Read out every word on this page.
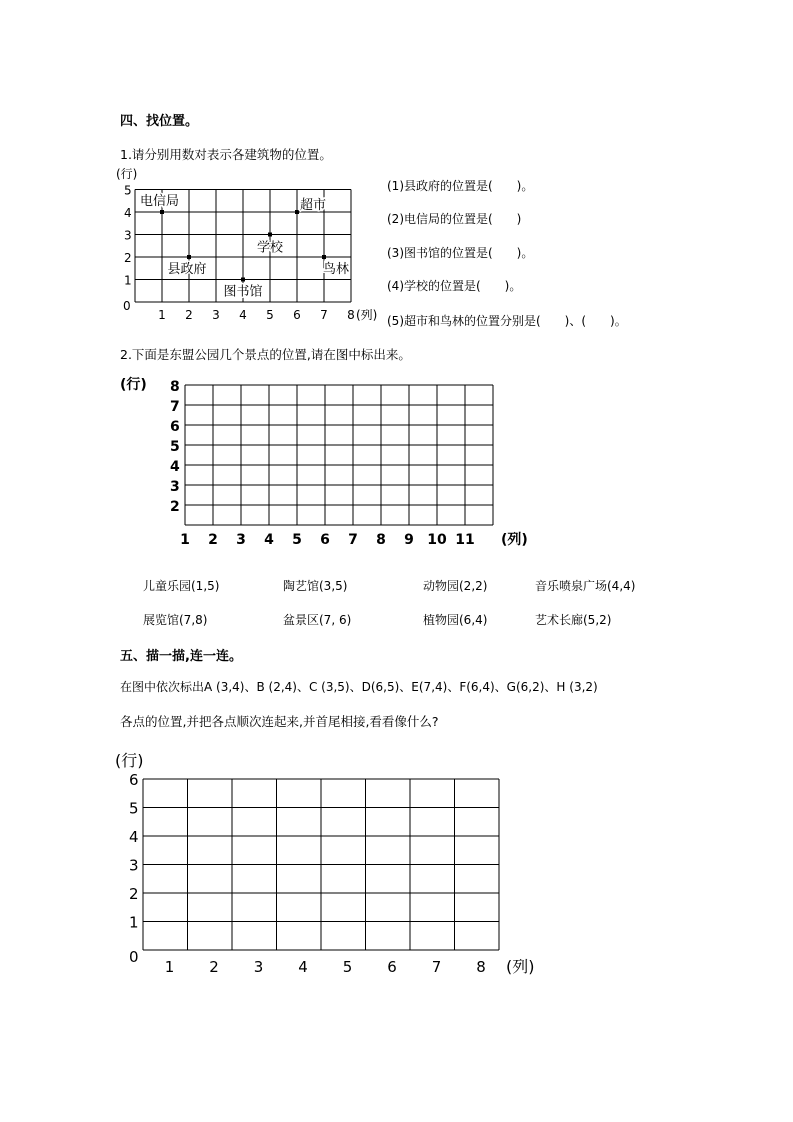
四、找位置。
1.请分别用数对表示各建筑物的位置。
(行)
0
1
2
3
4
5
1 2 3 4 5 6 7 8 (列)
电信局
县政府
图书馆
学校
超市
鸟林
(1)县政府的位置是(　　)。
(2)电信局的位置是(　　)
(3)图书馆的位置是(　　)。
(4)学校的位置是(　　)。
(5)超市和鸟林的位置分别是(　　)、(　　)。
2.下面是东盟公园几个景点的位置,请在图中标出来。
(行)
2
3
4
5
6
7
8
1 2 3 4 5 6 7 8 9 10 11 (列)
儿童乐园(1,5)	陶艺馆(3,5)	动物园(2,2)	音乐喷泉广场(4,4)
展览馆(7,8)	盆景区(7, 6)	植物园(6,4)	艺术长廊(5,2)
五、描一描,连一连。
在图中依次标出A (3,4)、B (2,4)、C (3,5)、D(6,5)、E(7,4)、F(6,4)、G(6,2)、H (3,2)
各点的位置,并把各点顺次连起来,并首尾相接,看看像什么?
(行)
0
1
2
3
4
5
6
1 2 3 4 5 6 7 8 (列)
